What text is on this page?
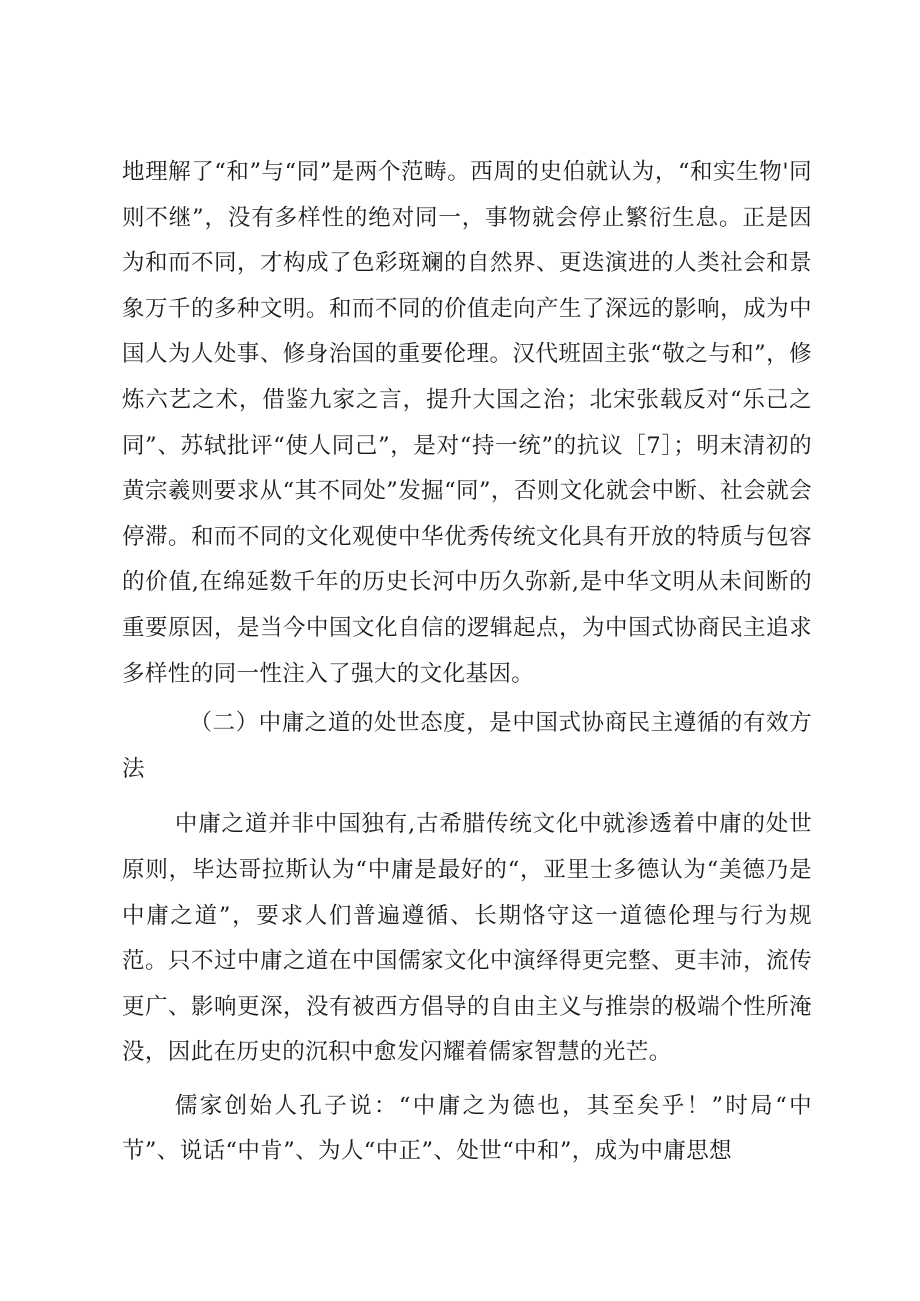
地理解了“和”与“同”是两个范畴。西周的史伯就认为，“和实生物'同则不继”，没有多样性的绝对同一，事物就会停止繁衍生息。正是因为和而不同，才构成了色彩斑斓的自然界、更迭演进的人类社会和景象万千的多种文明。和而不同的价值走向产生了深远的影响，成为中国人为人处事、修身治国的重要伦理。汉代班固主张“敬之与和”，修炼六艺之术，借鉴九家之言，提升大国之治；北宋张载反对“乐己之同”、苏轼批评“使人同己”，是对“持一统”的抗议［7］；明末清初的黄宗羲则要求从“其不同处”发掘“同”，否则文化就会中断、社会就会停滞。和而不同的文化观使中华优秀传统文化具有开放的特质与包容的价值,在绵延数千年的历史长河中历久弥新,是中华文明从未间断的重要原因，是当今中国文化自信的逻辑起点，为中国式协商民主追求多样性的同一性注入了强大的文化基因。

（二）中庸之道的处世态度，是中国式协商民主遵循的有效方法

中庸之道并非中国独有,古希腊传统文化中就渗透着中庸的处世原则，毕达哥拉斯认为“中庸是最好的“，亚里士多德认为“美德乃是中庸之道”，要求人们普遍遵循、长期恪守这一道德伦理与行为规范。只不过中庸之道在中国儒家文化中演绎得更完整、更丰沛，流传更广、影响更深，没有被西方倡导的自由主义与推崇的极端个性所淹没，因此在历史的沉积中愈发闪耀着儒家智慧的光芒。

儒家创始人孔子说：“中庸之为德也，其至矣乎！”时局“中节”、说话“中肯”、为人“中正”、处世“中和”，成为中庸思想
